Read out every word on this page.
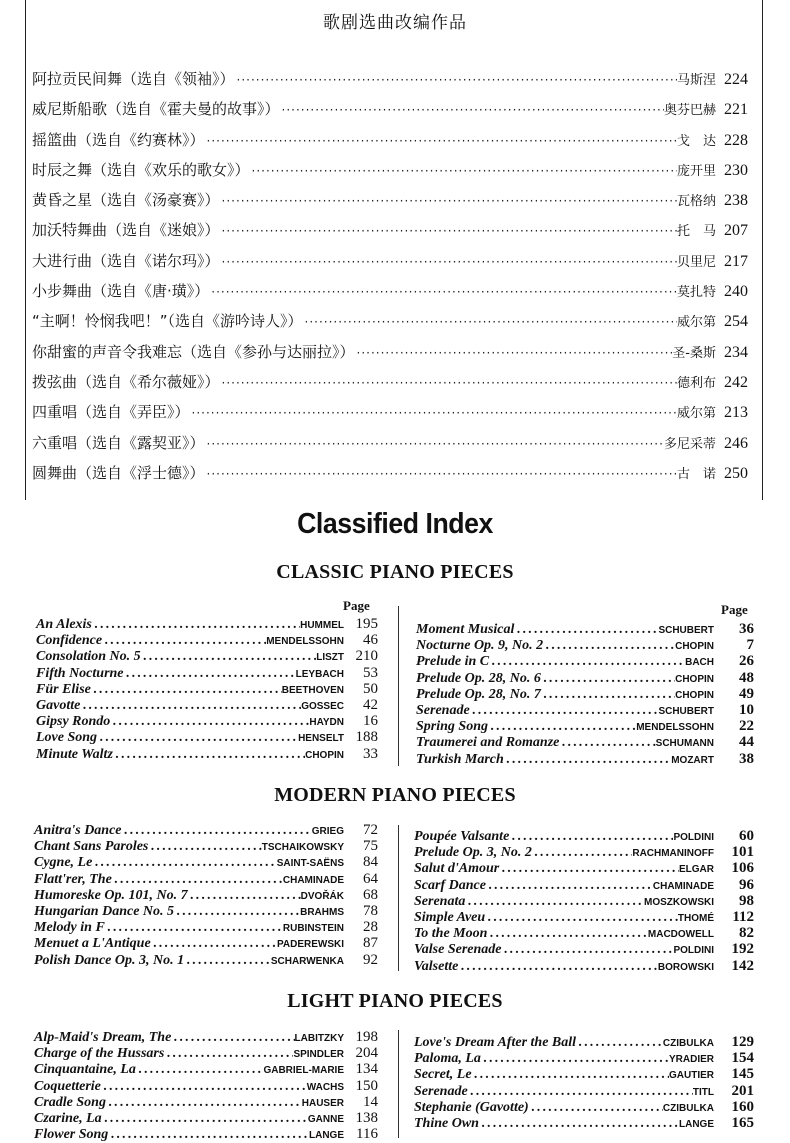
歌剧选曲改编作品
阿拉贡民间舞（选自《领袖》） ·····	马斯涅 224
威尼斯船歌（选自《霍夫曼的故事》） ·····	奥芬巴赫 221
摇篮曲（选自《约赛林》） ·····	戈　达 228
时辰之舞（选自《欢乐的歌女》） ·····	庞开里 230
黄昏之星（选自《汤豪赛》） ·····	瓦格纳 238
加沃特舞曲（选自《迷娘》） ·····	托　马 207
大进行曲（选自《诺尔玛》） ·····	贝里尼 217
小步舞曲（选自《唐·璜》） ·····	莫扎特 240
“主啊！怜悯我吧！”（选自《游吟诗人》） ·····	威尔第 254
你甜蜜的声音令我难忘（选自《参孙与达丽拉》） ·····	圣-桑斯 234
拨弦曲（选自《希尔薇娅》） ·····	德利布 242
四重唱（选自《弄臣》） ·····	威尔第 213
六重唱（选自《露契亚》） ·····	多尼采蒂 246
圆舞曲（选自《浮士德》） ·····	古　诺 250
Classified Index
CLASSIC PIANO PIECES
Page	Page
An Alexis .....	HUMMEL 195
Confidence .....	MENDELSSOHN	46
Consolation No. 5 .....	LISZT 210
Fifth Nocturne .....	LEYBACH	53
Für Elise .....	BEETHOVEN	50
Gavotte .....	GOSSEC	42
Gipsy Rondo .....	HAYDN	16
Love Song .....	HENSELT 188
Minute Waltz .....	CHOPIN	33
Moment Musical .....	SCHUBERT	36
Nocturne Op. 9, No. 2 .....	CHOPIN	7
Prelude in C .....	BACH	26
Prelude Op. 28, No. 6 .....	CHOPIN	48
Prelude Op. 28, No. 7 .....	CHOPIN	49
Serenade .....	SCHUBERT	10
Spring Song .....	MENDELSSOHN	22
Traumerei and Romanze .....	SCHUMANN	44
Turkish March .....	MOZART	38
MODERN PIANO PIECES
Anitra's Dance .....	GRIEG	72
Chant Sans Paroles .....	TSCHAIKOWSKY	75
Cygne, Le .....	SAINT-SAËNS	84
Flatt'rer, The .....	CHAMINADE	64
Humoreske Op. 101, No. 7 .....	DVOŘÁK	68
Hungarian Dance No. 5 .....	BRAHMS	78
Melody in F .....	RUBINSTEIN	28
Menuet a L'Antique .....	PADEREWSKI	87
Polish Dance Op. 3, No. 1 .....	SCHARWENKA	92
Poupée Valsante .....	POLDINI	60
Prelude Op. 3, No. 2 .....	RACHMANINOFF	101
Salut d'Amour .....	ELGAR	106
Scarf Dance .....	CHAMINADE	96
Serenata .....	MOSZKOWSKI	98
Simple Aveu .....	THOMÉ	112
To the Moon .....	MACDOWELL	82
Valse Serenade .....	POLDINI	192
Valsette .....	BOROWSKI	142
LIGHT PIANO PIECES
Alp-Maid's Dream, The .....	LABITZKY 198
Charge of the Hussars .....	SPINDLER 204
Cinquantaine, La .....	GABRIEL-MARIE 134
Coquetterie .....	WACHS 150
Cradle Song .....	HAUSER	14
Czarine, La .....	GANNE 138
Flower Song .....	LANGE 116
Love's Dream After the Ball .....	CZIBULKA	129
Paloma, La .....	YRADIER	154
Secret, Le .....	GAUTIER	145
Serenade .....	TITL	201
Stephanie (Gavotte) .....	CZIBULKA	160
Thine Own .....	LANGE	165
